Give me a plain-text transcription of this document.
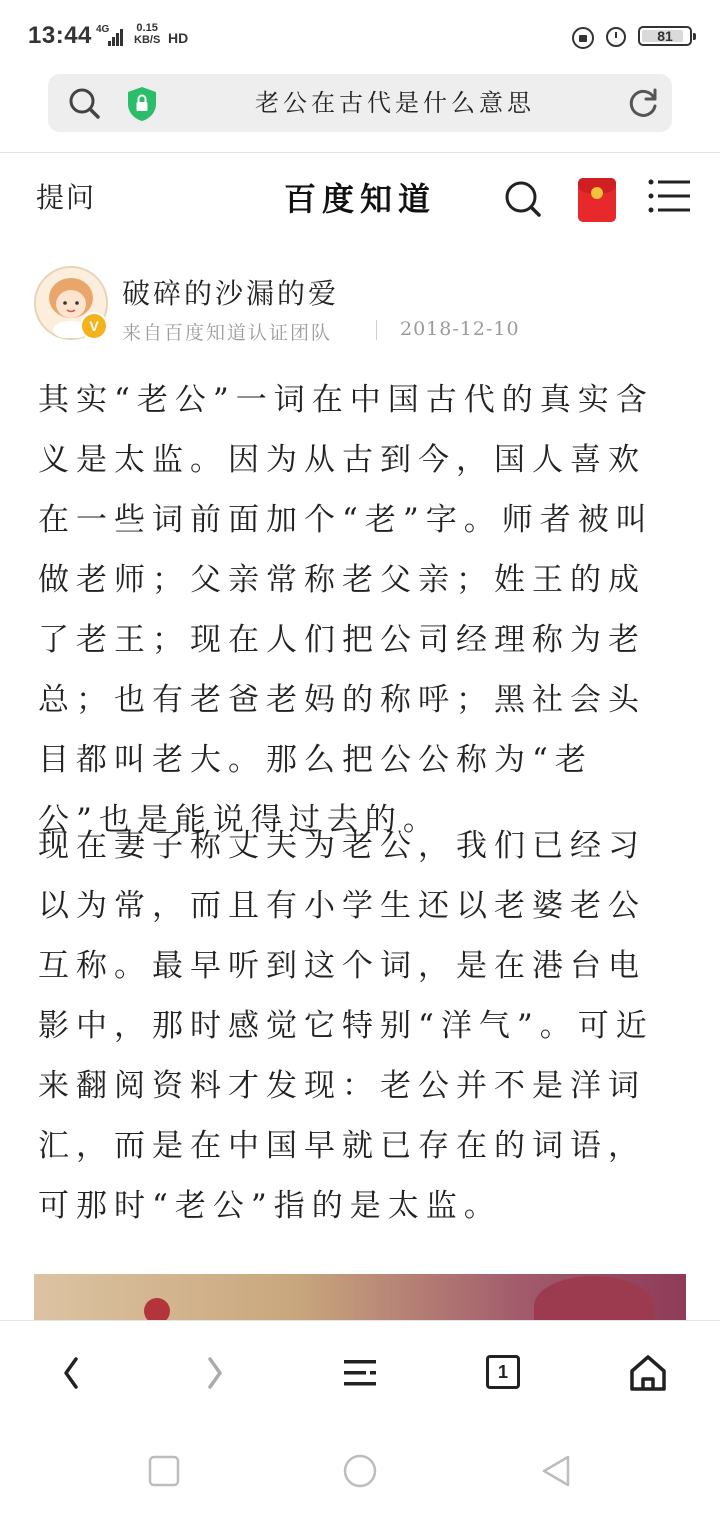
13:44 4G 0.15
KB/S HD	81
老公在古代是什么意思
提问	百度知道
V
破碎的沙漏的爱
来自百度知道认证团队	2018-12-10
其实“老公”一词在中国古代的真实含义是太监。因为从古到今，国人喜欢在一些词前面加个“老”字。师者被叫做老师；父亲常称老父亲；姓王的成了老王；现在人们把公司经理称为老总；也有老爸老妈的称呼；黑社会头目都叫老大。那么把公公称为“老公”也是能说得过去的。
现在妻子称丈夫为老公，我们已经习以为常，而且有小学生还以老婆老公互称。最早听到这个词，是在港台电影中，那时感觉它特别“洋气”。可近来翻阅资料才发现：老公并不是洋词汇，而是在中国早就已存在的词语，可那时“老公”指的是太监。
1
